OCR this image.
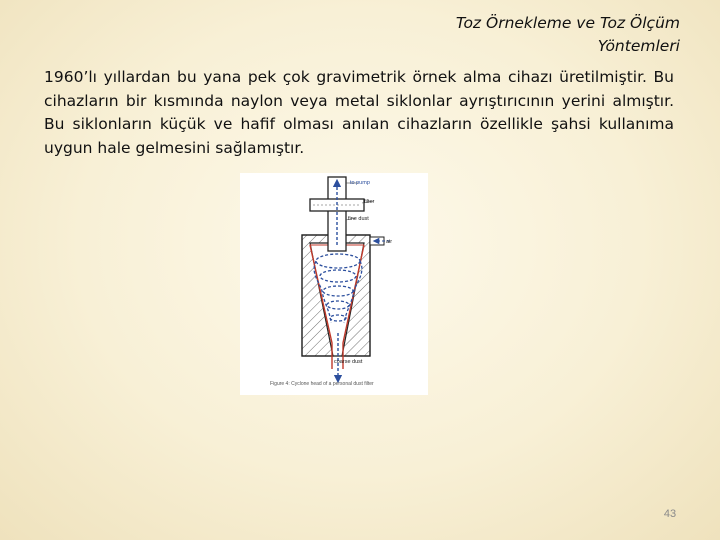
Toz Örnekleme ve Toz Ölçüm
Yöntemleri
1960’lı yıllardan bu yana pek çok gravimetrik örnek alma cihazı üretilmiştir. Bu cihazların bir kısmında naylon veya metal siklonlar ayrıştırıcının yerini almıştır. Bu siklonların küçük ve hafif olması anılan cihazların özellikle şahsi kullanıma uygun hale gelmesini sağlamıştır.
to pump
filter
fine dust
air
coarse dust
Figure 4: Cyclone head of a personal dust filter
43
